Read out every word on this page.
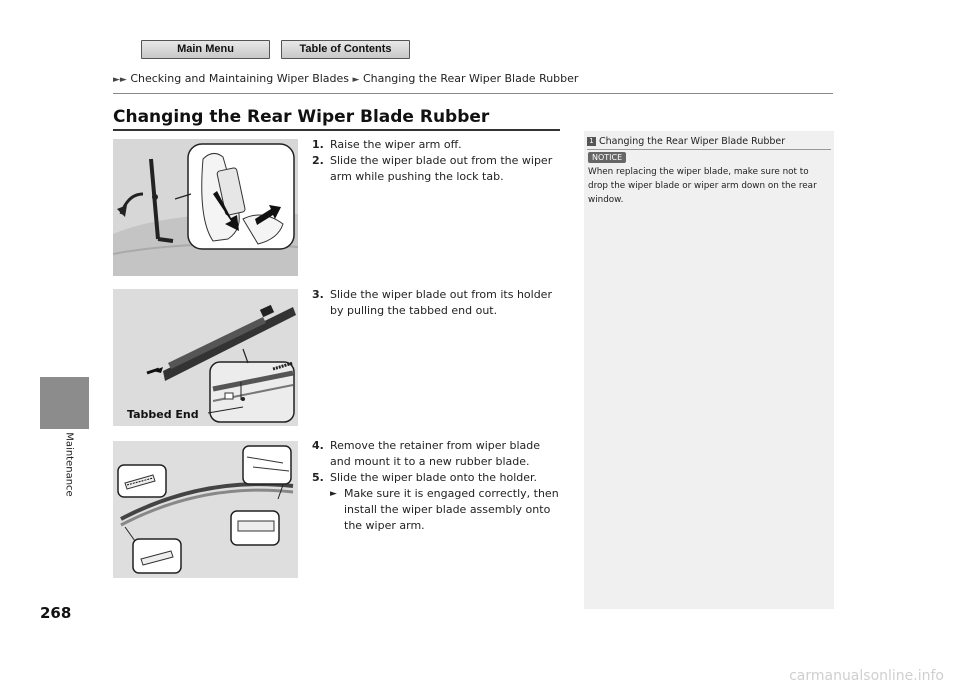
Main Menu	Table of Contents
►► Checking and Maintaining Wiper Blades ► Changing the Rear Wiper Blade Rubber
Changing the Rear Wiper Blade Rubber
Maintenance
268
Tabbed End
1. Raise the wiper arm off.
2. Slide the wiper blade out from the wiper arm while pushing the lock tab.
3. Slide the wiper blade out from its holder by pulling the tabbed end out.
4. Remove the retainer from wiper blade and mount it to a new rubber blade.
5. Slide the wiper blade onto the holder.
► Make sure it is engaged correctly, then install the wiper blade assembly onto the wiper arm.
1 Changing the Rear Wiper Blade Rubber
NOTICE
When replacing the wiper blade, make sure not to drop the wiper blade or wiper arm down on the rear window.
carmanualsonline.info
